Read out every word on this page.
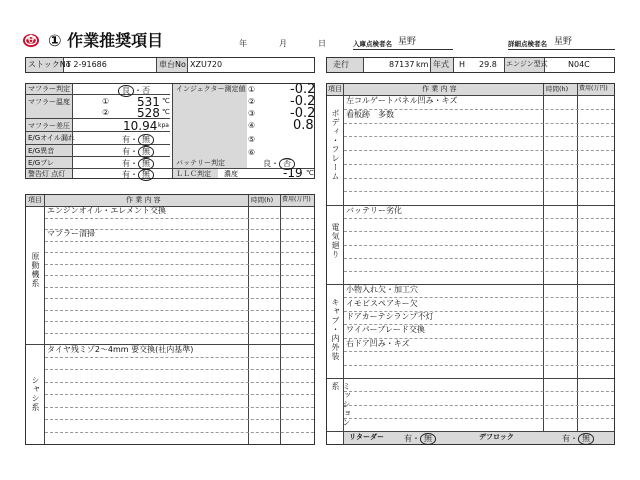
① 作業推奨項目	年	月	日	入庫点検者名 星野	詳細点検者名 星野
ストックNo
T 2-91686	車台No XZU720	走行	87137 km 年式 H 29.8 エンジン型式	N04C
マフラー判定	良 ・否
マフラー温度	① 531 ℃
② 528 ℃
マフラー差圧	10.94 kpa
E/Gオイル漏れ	有・ 無
E/G異音	有・ 無
E/Gブレ	有・ 無
警告灯 点灯	有・ 無
インジェクター測定値 ①	-0.2
②	-0.2
③	-0.2
④	0.8
⑤
⑥
バッテリー判定	良・ 否
ＬＬＣ判定 濃度	-19 ℃
項目	作 業 内 容	時間(h) 費用(万円)
原動機系
エンジンオイル・エレメント交換
マフラー清掃
シャシ系
タイヤ残ミゾ2～4mm 要交換(社内基準)
項目	作 業 内 容	時間(h) 費用(万円)
ボディ・フレーム
左コルゲートパネル凹み・キズ
看板跡　多数
電気廻り
バッテリー劣化
キャブ・内外装
小物入れ欠・加工穴
イモビスペアキー欠
ドアカーテシランプ不灯
ワイパーブレード交換
右ドア凹み・キズ
ミッション系
リターダー	有・ 無	デフロック	有・ 無
